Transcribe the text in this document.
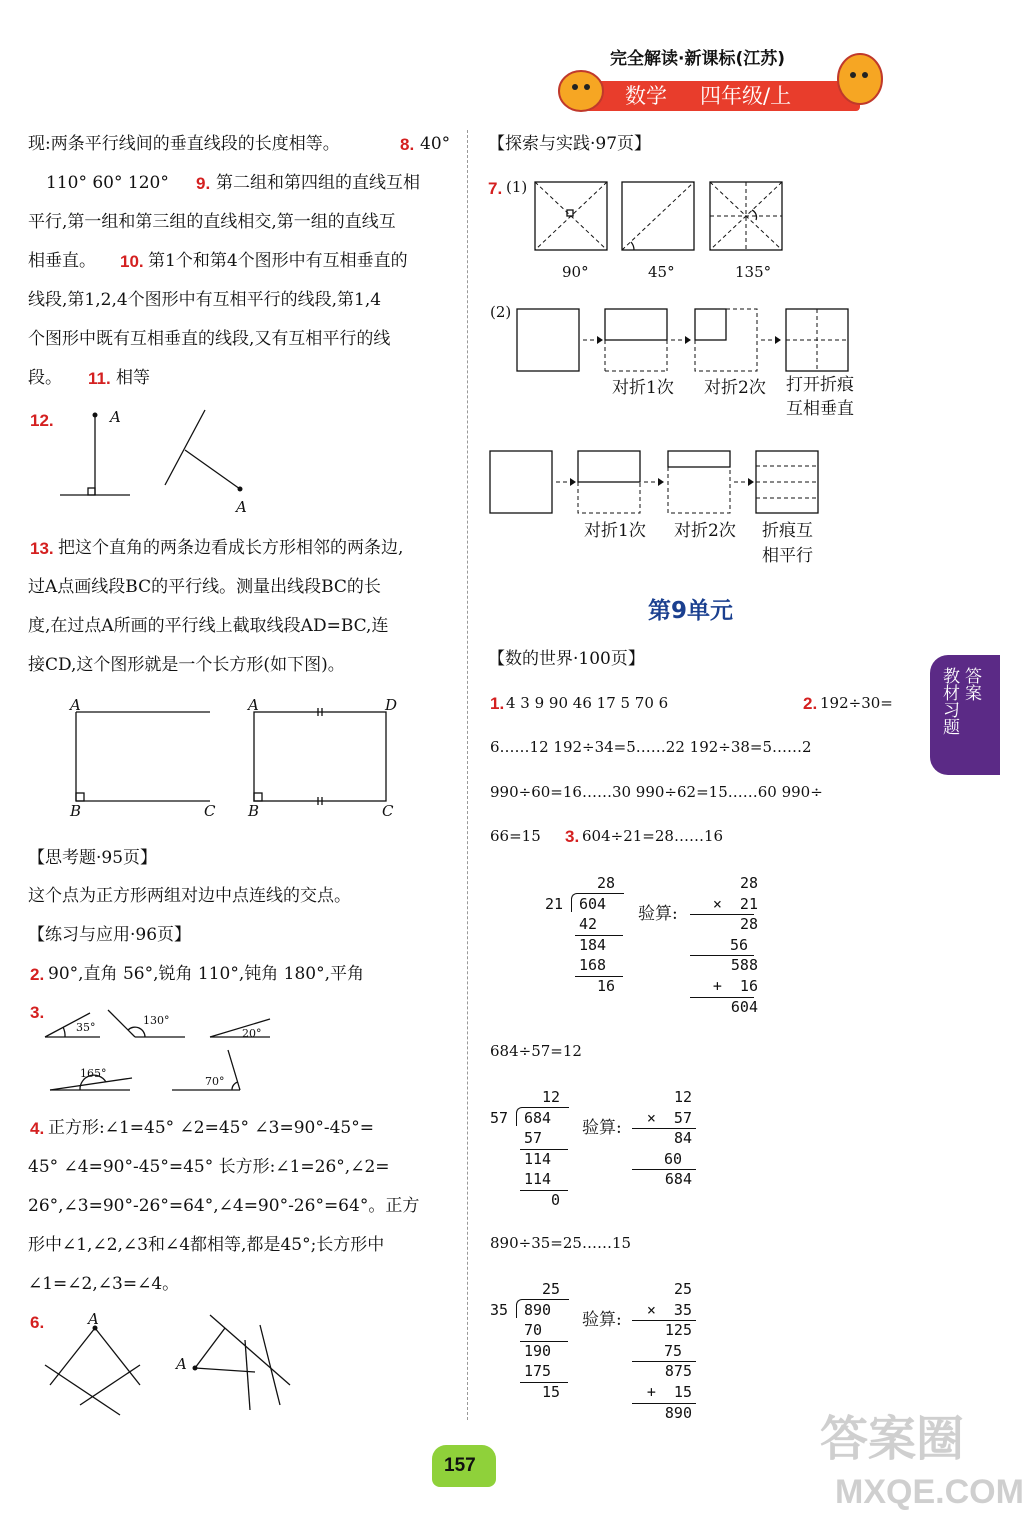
完全解读·新课标(江苏)
数学 四年级/上
现:两条平行线间的垂直线段的长度相等。	8. 40°
110° 60° 120° 9. 第二组和第四组的直线互相
平行,第一组和第三组的直线相交,第一组的直线互
相垂直。 10. 第1个和第4个图形中有互相垂直的
线段,第1,2,4个图形中有互相平行的线段,第1,4
个图形中既有互相垂直的线段,又有互相平行的线
段。 11. 相等
12.	A
A
13. 把这个直角的两条边看成长方形相邻的两条边,
过A点画线段BC的平行线。测量出线段BC的长
度,在过点A所画的平行线上截取线段AD=BC,连
接CD,这个图形就是一个长方形(如下图)。
A
B	C
A	D
B	C
【思考题·95页】
这个点为正方形两组对边中点连线的交点。
【练习与应用·96页】
2. 90°,直角 56°,锐角 110°,钝角 180°,平角
3.
35°
130°
20°
165°
70°
4. 正方形:∠1=45° ∠2=45° ∠3=90°-45°=
45° ∠4=90°-45°=45° 长方形:∠1=26°,∠2=
26°,∠3=90°-26°=64°,∠4=90°-26°=64°。正方
形中∠1,∠2,∠3和∠4都相等,都是45°;长方形中
∠1=∠2,∠3=∠4。
6.	A
A
【探索与实践·97页】
7. (1)
90°	45°	135°
(2)
对折1次 对折2次 打开折痕
互相垂直
对折1次 对折2次 折痕互
相平行
第9单元
【数的世界·100页】
1. 4 3 9 90 46 17 5 70 6	2. 192÷30=
6……12 192÷34=5……22 192÷38=5……2
990÷60=16……30 990÷62=15……60 990÷
66=15 3. 604÷21=28……16
28
21 604
42
184
168
16
验算:
28
×  21
28
56
588
+  16
604
684÷57=12
12
57 684
57
114
114
0
验算:
12
×  57
84
60
684
890÷35=25……15
25
35 890
70
190
175
15
验算:
25
×  35
125
75
875
+  15
890
教材习题 答案
157	答案圈
MXQE.COM
